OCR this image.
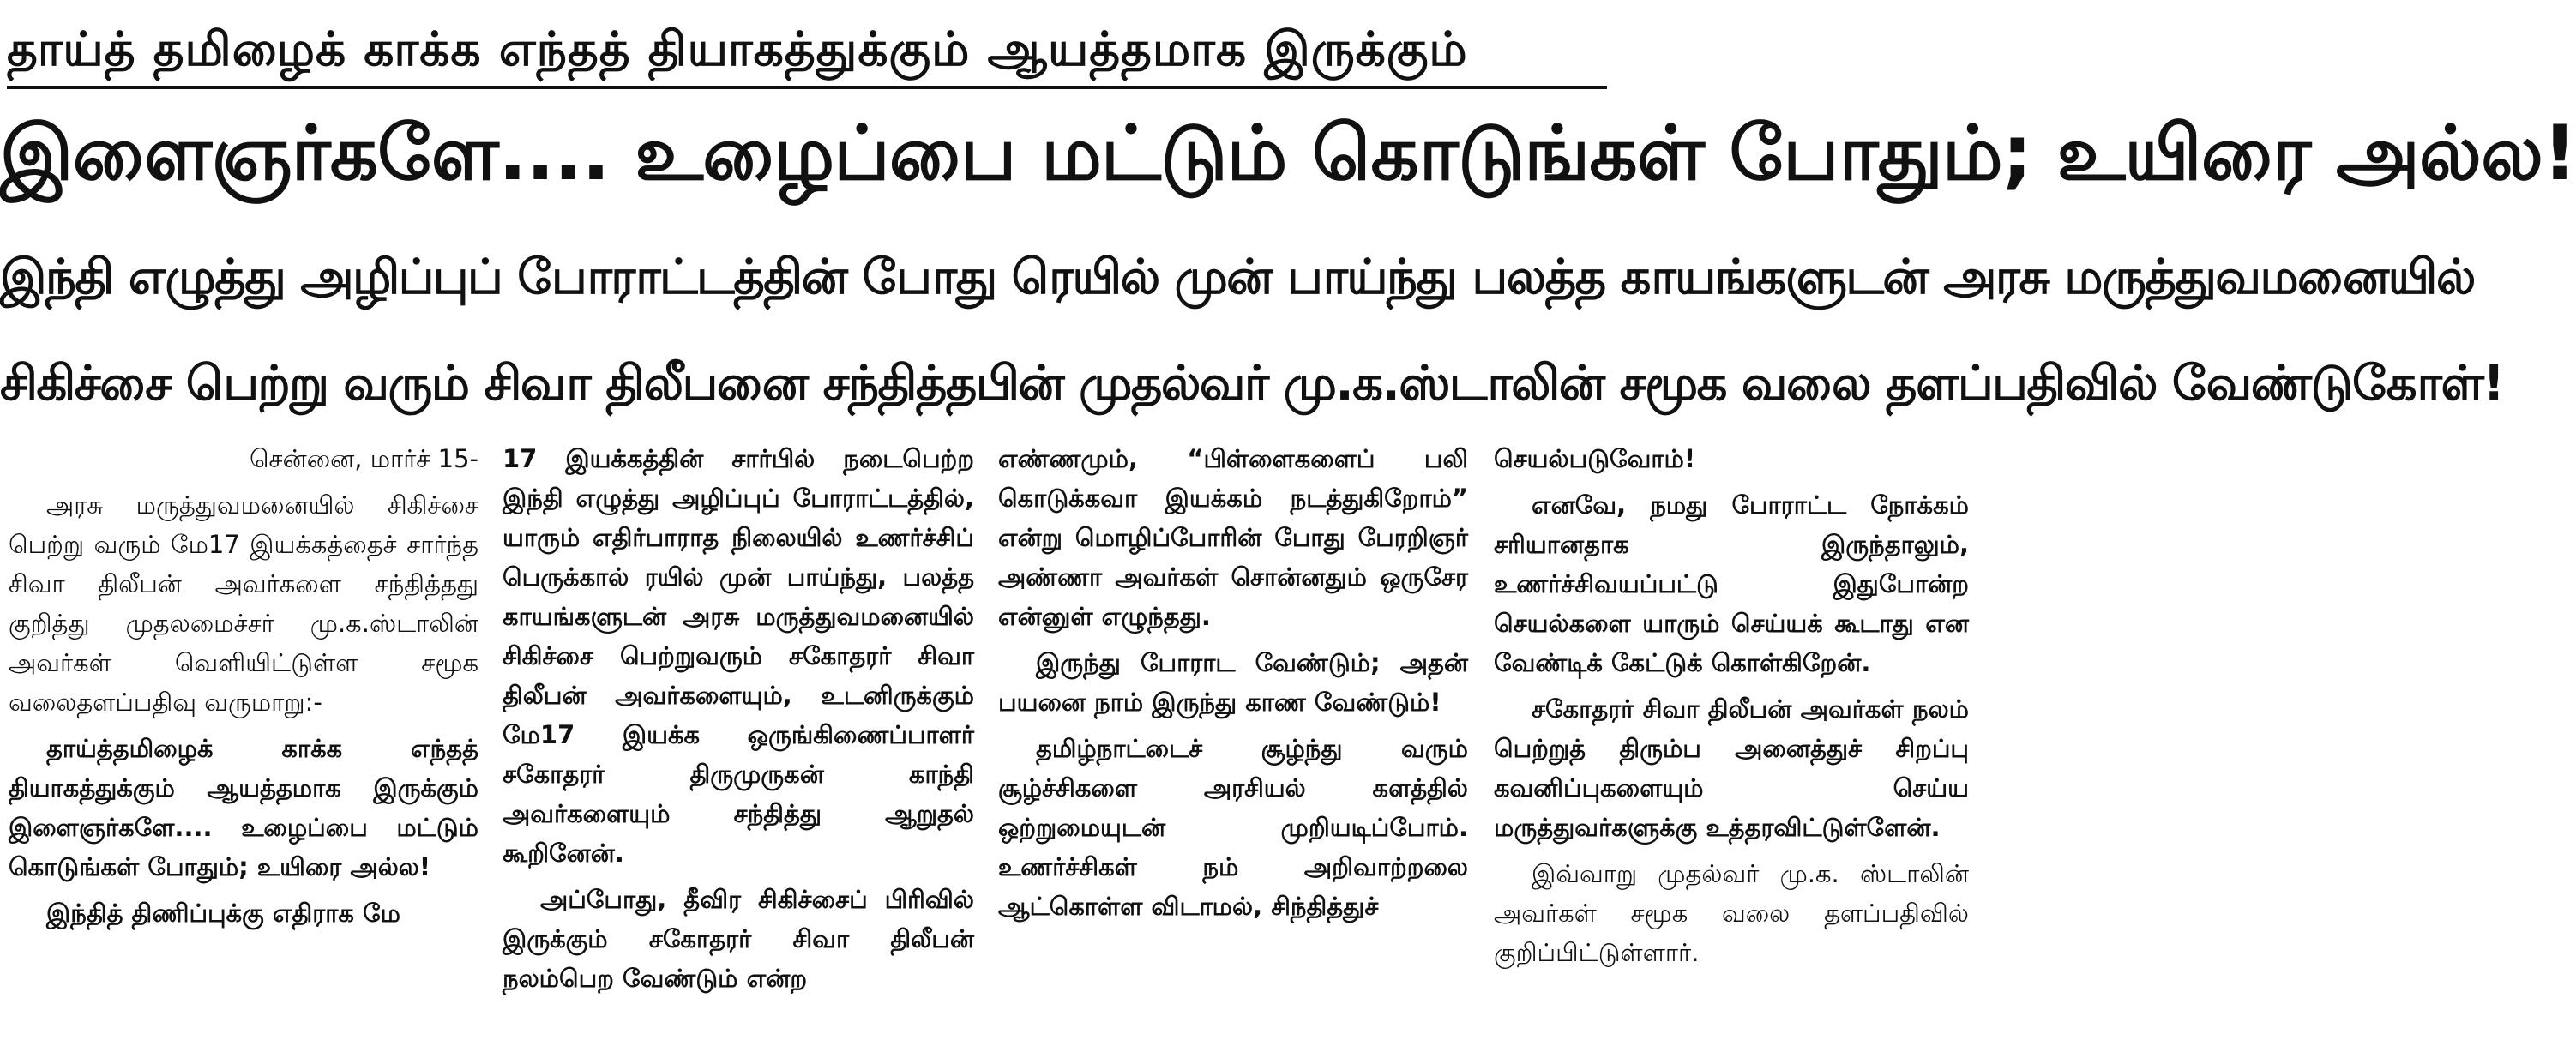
தாய்த் தமிழைக் காக்க எந்தத் தியாகத்துக்கும் ஆயத்தமாக இருக்கும்
இளைஞர்களே.... உழைப்பை மட்டும் கொடுங்கள் போதும்; உயிரை அல்ல!
இந்தி எழுத்து அழிப்புப் போராட்டத்தின் போது ரெயில் முன் பாய்ந்து பலத்த காயங்களுடன் அரசு மருத்துவமனையில்
சிகிச்சை பெற்று வரும் சிவா திலீபனை சந்தித்தபின் முதல்வர் மு.க.ஸ்டாலின் சமூக வலை தளப்பதிவில் வேண்டுகோள்!

சென்னை, மார்ச் 15-

அரசு மருத்துவமனையில் சிகிச்சை பெற்று வரும் மே17 இயக்கத்தைச் சார்ந்த சிவா திலீபன் அவர்களை சந்தித்தது குறித்து முதலமைச்சர் மு.க.ஸ்டாலின் அவர்கள் வெளியிட்டுள்ள சமூக வலைதளப்பதிவு வருமாறு:-

தாய்த்தமிழைக் காக்க எந்தத் தியாகத்துக்கும் ஆயத்தமாக இருக்கும் இளைஞர்களே.... உழைப்பை மட்டும் கொடுங்கள் போதும்; உயிரை அல்ல!

இந்தித் திணிப்புக்கு எதிராக மே

17 இயக்கத்தின் சார்பில் நடைபெற்ற இந்தி எழுத்து அழிப்புப் போராட்டத்தில், யாரும் எதிர்பாராத நிலையில் உணர்ச்சிப் பெருக்கால் ரயில் முன் பாய்ந்து, பலத்த காயங்களுடன் அரசு மருத்துவமனையில் சிகிச்சை பெற்றுவரும் சகோதரர் சிவா திலீபன் அவர்களையும், உடனிருக்கும் மே17 இயக்க ஒருங்கிணைப்பாளர் சகோதரர் திருமுருகன் காந்தி அவர்களையும் சந்தித்து ஆறுதல் கூறினேன்.

அப்போது, தீவிர சிகிச்சைப் பிரிவில் இருக்கும் சகோதரர் சிவா திலீபன் நலம்பெற வேண்டும் என்ற

எண்ணமும், “பிள்ளைகளைப் பலி கொடுக்கவா இயக்கம் நடத்துகிறோம்” என்று மொழிப்போரின் போது பேரறிஞர் அண்ணா அவர்கள் சொன்னதும் ஒருசேர என்னுள் எழுந்தது.

இருந்து போராட வேண்டும்; அதன் பயனை நாம் இருந்து காண வேண்டும்!

தமிழ்நாட்டைச் சூழ்ந்து வரும் சூழ்ச்சிகளை அரசியல் களத்தில் ஒற்றுமையுடன் முறியடிப்போம். உணர்ச்சிகள் நம் அறிவாற்றலை ஆட்கொள்ள விடாமல், சிந்தித்துச்

செயல்படுவோம்!

எனவே, நமது போராட்ட நோக்கம் சரியானதாக இருந்தாலும், உணர்ச்சிவயப்பட்டு இதுபோன்ற செயல்களை யாரும் செய்யக் கூடாது என வேண்டிக் கேட்டுக் கொள்கிறேன்.

சகோதரர் சிவா திலீபன் அவர்கள் நலம் பெற்றுத் திரும்ப அனைத்துச் சிறப்பு கவனிப்புகளையும் செய்ய மருத்துவர்களுக்கு உத்தரவிட்டுள்ளேன்.

இவ்வாறு முதல்வர் மு.க. ஸ்டாலின் அவர்கள் சமூக வலை தளப்பதிவில் குறிப்பிட்டுள்ளார்.
